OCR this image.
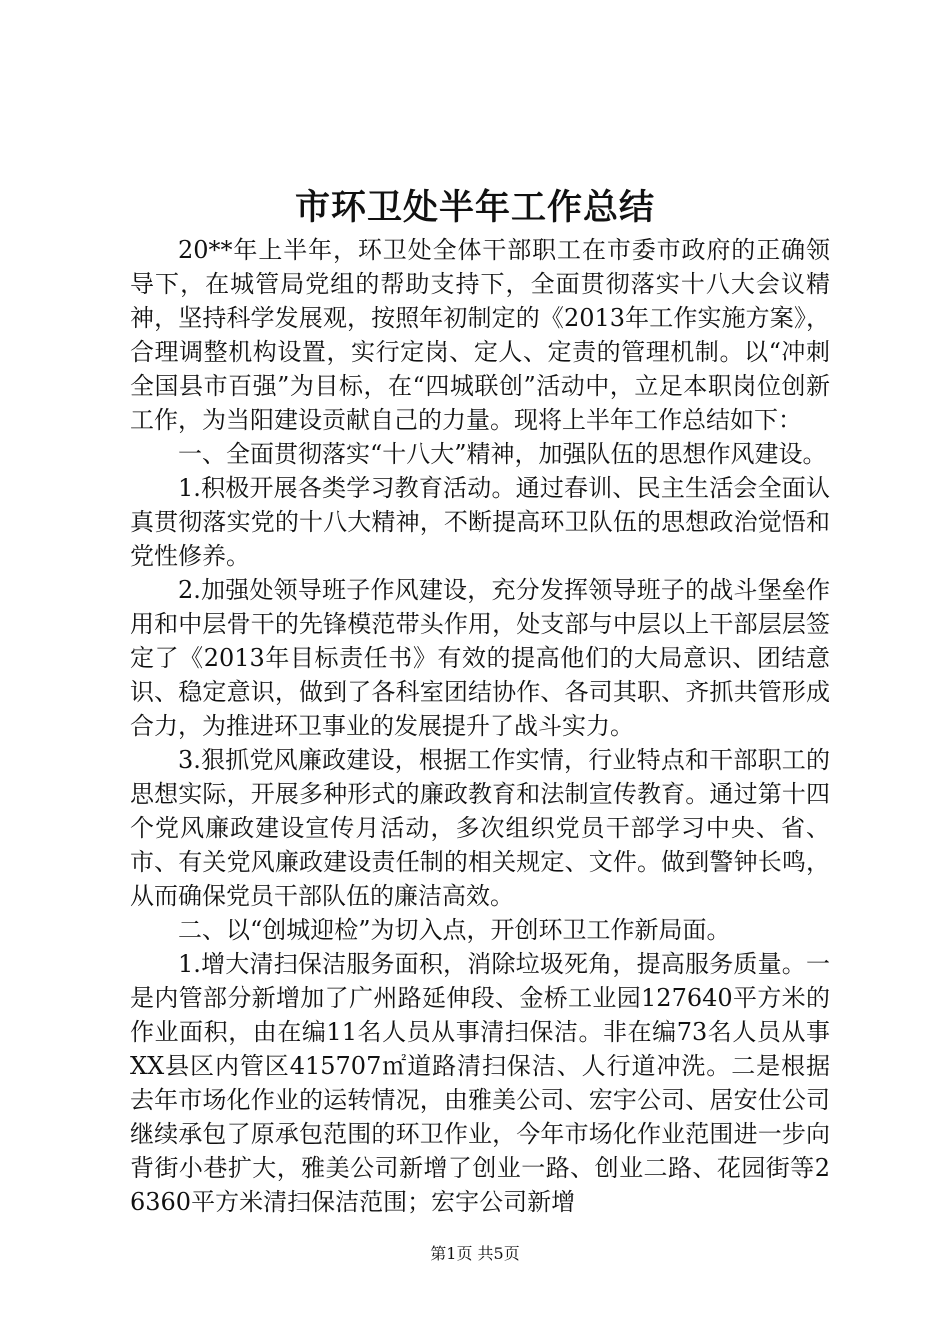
市环卫处半年工作总结

20**年上半年，环卫处全体干部职工在市委市政府的正确领导下，在城管局党组的帮助支持下，全面贯彻落实十八大会议精神，坚持科学发展观，按照年初制定的《2013年工作实施方案》，合理调整机构设置，实行定岗、定人、定责的管理机制。以“冲刺全国县市百强”为目标，在“四城联创”活动中，立足本职岗位创新工作，为当阳建设贡献自己的力量。现将上半年工作总结如下：

一、全面贯彻落实“十八大”精神，加强队伍的思想作风建设。

1.积极开展各类学习教育活动。通过春训、民主生活会全面认真贯彻落实党的十八大精神，不断提高环卫队伍的思想政治觉悟和党性修养。

2.加强处领导班子作风建设，充分发挥领导班子的战斗堡垒作用和中层骨干的先锋模范带头作用，处支部与中层以上干部层层签定了《2013年目标责任书》有效的提高他们的大局意识、团结意识、稳定意识，做到了各科室团结协作、各司其职、齐抓共管形成合力，为推进环卫事业的发展提升了战斗实力。

3.狠抓党风廉政建设，根据工作实情，行业特点和干部职工的思想实际，开展多种形式的廉政教育和法制宣传教育。通过第十四个党风廉政建设宣传月活动，多次组织党员干部学习中央、省、市、有关党风廉政建设责任制的相关规定、文件。做到警钟长鸣，从而确保党员干部队伍的廉洁高效。

二、以“创城迎检”为切入点，开创环卫工作新局面。

1.增大清扫保洁服务面积，消除垃圾死角，提高服务质量。一是内管部分新增加了广州路延伸段、金桥工业园127640平方米的作业面积，由在编11名人员从事清扫保洁。非在编73名人员从事XX县区内管区415707㎡道路清扫保洁、人行道冲洗。二是根据去年市场化作业的运转情况，由雅美公司、宏宇公司、居安仕公司继续承包了原承包范围的环卫作业，今年市场化作业范围进一步向背街小巷扩大，雅美公司新增了创业一路、创业二路、花园街等26360平方米清扫保洁范围；宏宇公司新增

第1页 共5页
